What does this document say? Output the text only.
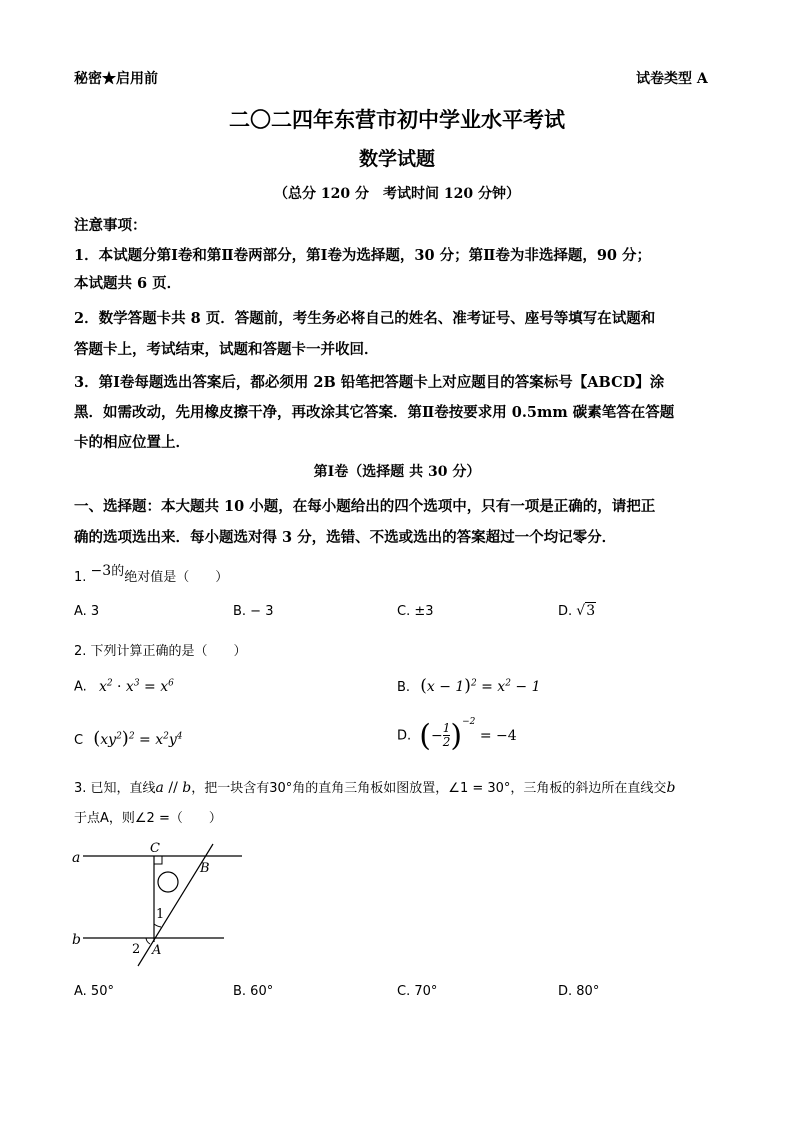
秘密★启用前	试卷类型 A
二〇二四年东营市初中学业水平考试
数学试题
（总分 120 分　考试时间 120 分钟）
注意事项：
1．本试题分第Ⅰ卷和第Ⅱ卷两部分，第Ⅰ卷为选择题，30 分；第Ⅱ卷为非选择题，90 分；
本试题共 6 页．
2．数学答题卡共 8 页．答题前，考生务必将自己的姓名、准考证号、座号等填写在试题和
答题卡上，考试结束，试题和答题卡一并收回．
3．第Ⅰ卷每题选出答案后，都必须用 2B 铅笔把答题卡上对应题目的答案标号【ABCD】涂
黑．如需改动，先用橡皮擦干净，再改涂其它答案．第Ⅱ卷按要求用 0.5mm 碳素笔答在答题
卡的相应位置上．
第Ⅰ卷（选择题 共 30 分）
一、选择题：本大题共 10 小题，在每小题给出的四个选项中，只有一项是正确的，请把正
确的选项选出来．每小题选对得 3 分，选错、不选或选出的答案超过一个均记零分．
1. −3的绝对值是（　　）
A. 3	B. − 3	C. ±3	D. √3
2. 下列计算正确的是（　　）
A. $x^2 \cdot x^3 = x^6$	B. $(x - 1)^2 = x^2 - 1$
C $(xy^2)^2 = x^2y^4$	D. (− $\frac{1}{2} )^{-2} = -4$
3. 已知，直线a // b，把一块含有30°角的直角三角板如图放置，∠1 = 30°，三角板的斜边所在直线交b
于点A，则∠2 =（　　）
a
b
C
B
A
1
2
A. 50°	B. 60°	C. 70°	D. 80°
